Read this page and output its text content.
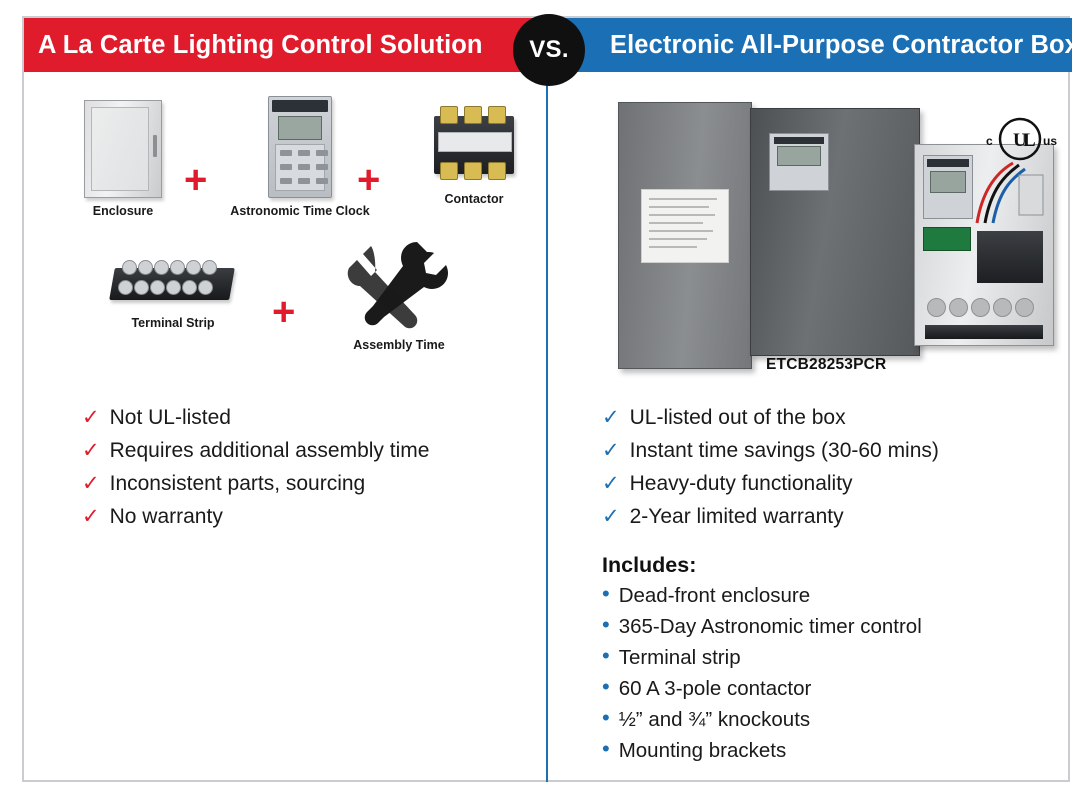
A La Carte Lighting Control Solution	Electronic All-Purpose Contractor Box
VS.
Enclosure
+
Astronomic Time Clock
+	Contactor
Terminal Strip	+
Assembly Time
✓ Not UL-listed
✓ Requires additional assembly time
✓ Inconsistent parts, sourcing
✓ No warranty
U
L
c	us
ETCB28253PCR
✓ UL-listed out of the box
✓ Instant time savings (30-60 mins)
✓ Heavy-duty functionality
✓ 2-Year limited warranty
Includes:
• Dead-front enclosure
• 365-Day Astronomic timer control
• Terminal strip
• 60 A 3-pole contactor
• ½” and ¾” knockouts
• Mounting brackets
